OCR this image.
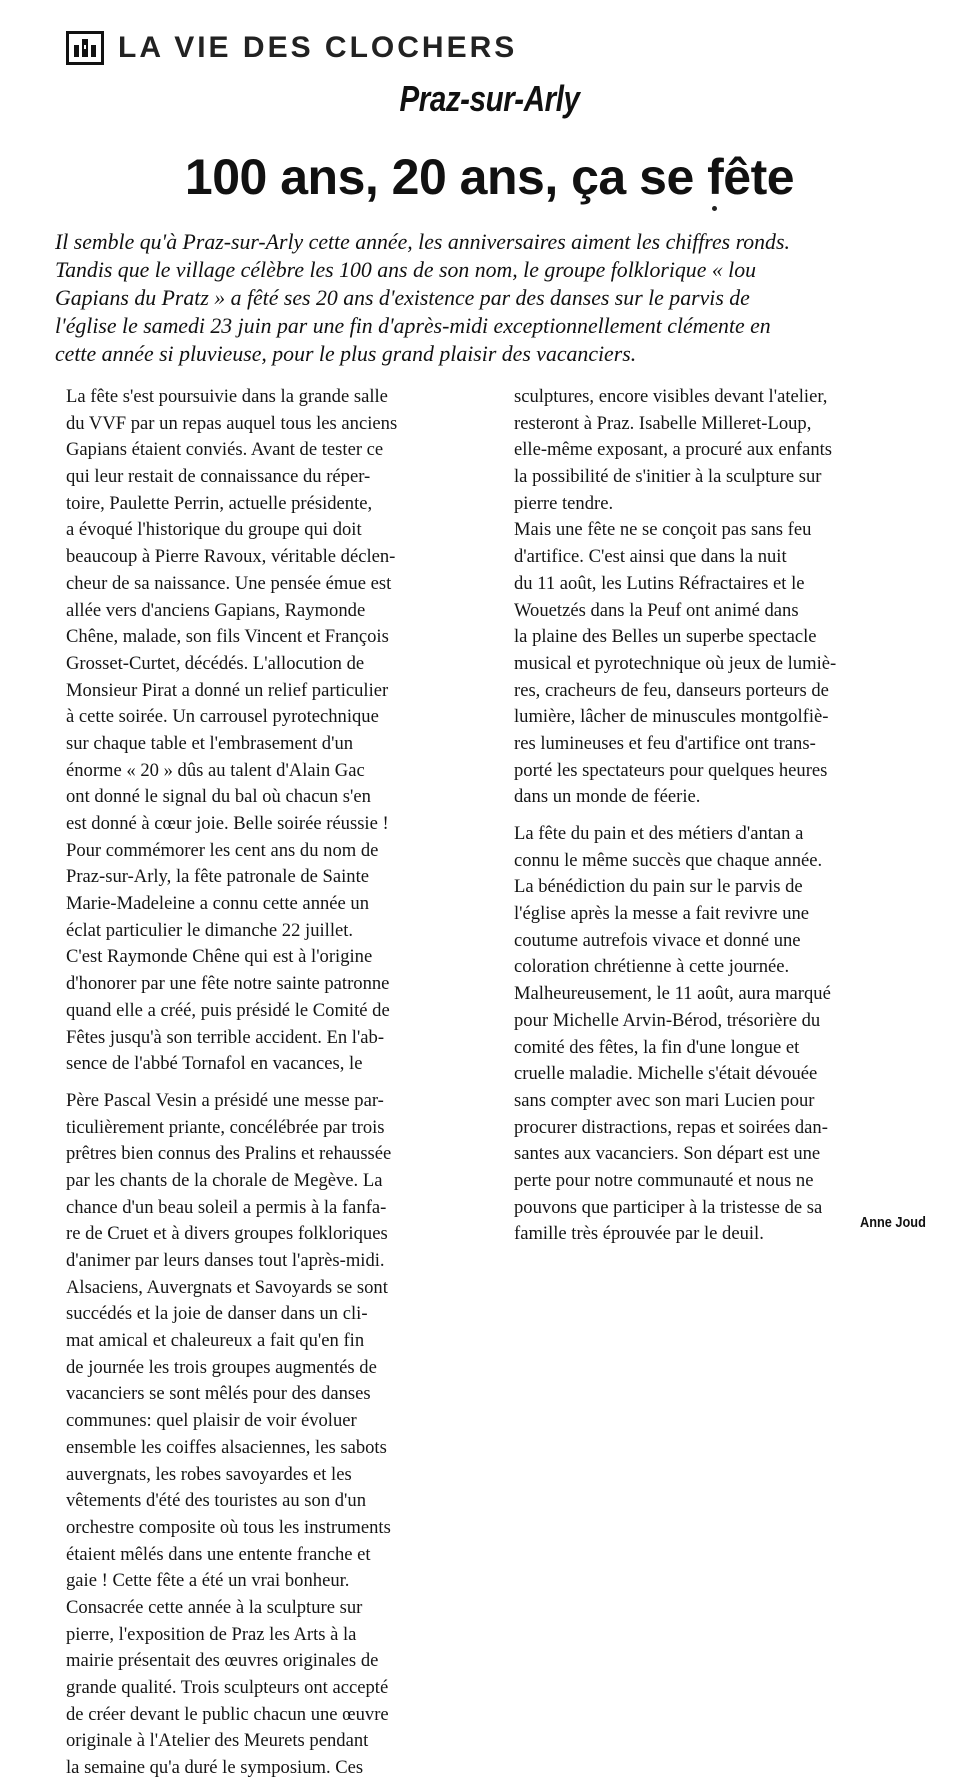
LA VIE DES CLOCHERS
Praz-sur-Arly
100 ans, 20 ans, ça se fête
Il semble qu'à Praz-sur-Arly cette année, les anniversaires aiment les chiffres ronds.
Tandis que le village célèbre les 100 ans de son nom, le groupe folklorique « lou
Gapians du Pratz » a fêté ses 20 ans d'existence par des danses sur le parvis de
l'église le samedi 23 juin par une fin d'après-midi exceptionnellement clémente en
cette année si pluvieuse, pour le plus grand plaisir des vacanciers.
La fête s'est poursuivie dans la grande salle
du VVF par un repas auquel tous les anciens
Gapians étaient conviés. Avant de tester ce
qui leur restait de connaissance du réper-
toire, Paulette Perrin, actuelle présidente,
a évoqué l'historique du groupe qui doit
beaucoup à Pierre Ravoux, véritable déclen-
cheur de sa naissance. Une pensée émue est
allée vers d'anciens Gapians, Raymonde
Chêne, malade, son fils Vincent et François
Grosset-Curtet, décédés. L'allocution de
Monsieur Pirat a donné un relief particulier
à cette soirée. Un carrousel pyrotechnique
sur chaque table et l'embrasement d'un
énorme « 20 » dûs au talent d'Alain Gac
ont donné le signal du bal où chacun s'en
est donné à cœur joie. Belle soirée réussie !
Pour commémorer les cent ans du nom de
Praz-sur-Arly, la fête patronale de Sainte
Marie-Madeleine a connu cette année un
éclat particulier le dimanche 22 juillet.
C'est Raymonde Chêne qui est à l'origine
d'honorer par une fête notre sainte patronne
quand elle a créé, puis présidé le Comité de
Fêtes jusqu'à son terrible accident. En l'ab-
sence de l'abbé Tornafol en vacances, le
Père Pascal Vesin a présidé une messe par-
ticulièrement priante, concélébrée par trois
prêtres bien connus des Pralins et rehaussée
par les chants de la chorale de Megève. La
chance d'un beau soleil a permis à la fanfa-
re de Cruet et à divers groupes folkloriques
d'animer par leurs danses tout l'après-midi.
Alsaciens, Auvergnats et Savoyards se sont
succédés et la joie de danser dans un cli-
mat amical et chaleureux a fait qu'en fin
de journée les trois groupes augmentés de
vacanciers se sont mêlés pour des danses
communes: quel plaisir de voir évoluer
ensemble les coiffes alsaciennes, les sabots
auvergnats, les robes savoyardes et les
vêtements d'été des touristes au son d'un
orchestre composite où tous les instruments
étaient mêlés dans une entente franche et
gaie ! Cette fête a été un vrai bonheur.
Consacrée cette année à la sculpture sur
pierre, l'exposition de Praz les Arts à la
mairie présentait des œuvres originales de
grande qualité. Trois sculpteurs ont accepté
de créer devant le public chacun une œuvre
originale à l'Atelier des Meurets pendant
la semaine qu'a duré le symposium. Ces
sculptures, encore visibles devant l'atelier,
resteront à Praz. Isabelle Milleret-Loup,
elle-même exposant, a procuré aux enfants
la possibilité de s'initier à la sculpture sur
pierre tendre.
Mais une fête ne se conçoit pas sans feu
d'artifice. C'est ainsi que dans la nuit
du 11 août, les Lutins Réfractaires et le
Wouetzés dans la Peuf ont animé dans
la plaine des Belles un superbe spectacle
musical et pyrotechnique où jeux de lumiè-
res, cracheurs de feu, danseurs porteurs de
lumière, lâcher de minuscules montgolfiè-
res lumineuses et feu d'artifice ont trans-
porté les spectateurs pour quelques heures
dans un monde de féerie.
La fête du pain et des métiers d'antan a
connu le même succès que chaque année.
La bénédiction du pain sur le parvis de
l'église après la messe a fait revivre une
coutume autrefois vivace et donné une
coloration chrétienne à cette journée.
Malheureusement, le 11 août, aura marqué
pour Michelle Arvin-Bérod, trésorière du
comité des fêtes, la fin d'une longue et
cruelle maladie. Michelle s'était dévouée
sans compter avec son mari Lucien pour
procurer distractions, repas et soirées dan-
santes aux vacanciers. Son départ est une
perte pour notre communauté et nous ne
pouvons que participer à la tristesse de sa
famille très éprouvée par le deuil.
Anne Joud
